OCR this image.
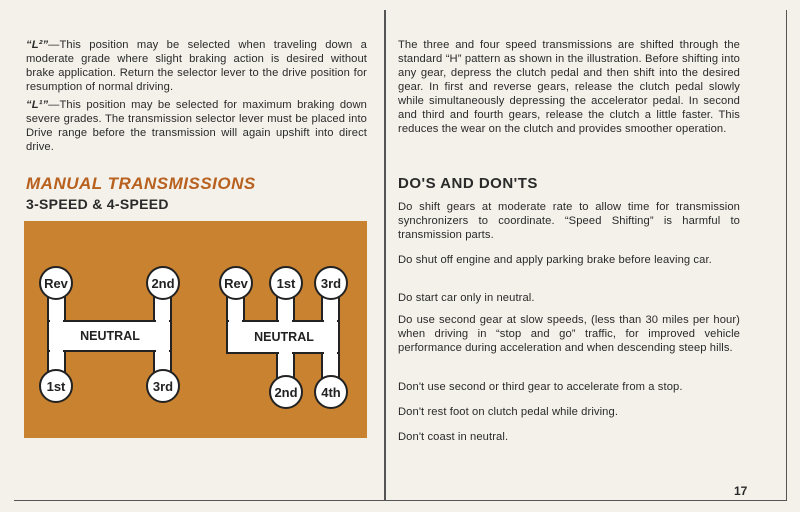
“L²”—This position may be selected when traveling down a moderate grade where slight braking action is desired without brake application. Return the selector lever to the drive position for resumption of normal driving.

“L¹”—This position may be selected for maximum braking down severe grades. The transmission selector lever must be placed into Drive range before the transmission will again upshift into direct drive.

MANUAL TRANSMISSIONS
3-SPEED & 4-SPEED
Rev	2nd
1st	3rd
NEUTRAL
Rev 1st 3rd
2nd 4th
NEUTRAL

The three and four speed transmissions are shifted through the standard “H” pattern as shown in the illustration. Before shifting into any gear, depress the clutch pedal and then shift into the desired gear. In first and reverse gears, release the clutch pedal slowly while simultaneously depressing the accelerator pedal. In second and third and fourth gears, release the clutch a little faster. This reduces the wear on the clutch and provides smoother operation.

DO'S AND DON'TS

Do shift gears at moderate rate to allow time for transmission synchronizers to coordinate. “Speed Shifting” is harmful to transmission parts.

Do shut off engine and apply parking brake before leaving car.

Do start car only in neutral.

Do use second gear at slow speeds, (less than 30 miles per hour) when driving in “stop and go” traffic, for improved vehicle performance during acceleration and when descending steep hills.

Don't use second or third gear to accelerate from a stop.

Don't rest foot on clutch pedal while driving.

Don't coast in neutral.

17
